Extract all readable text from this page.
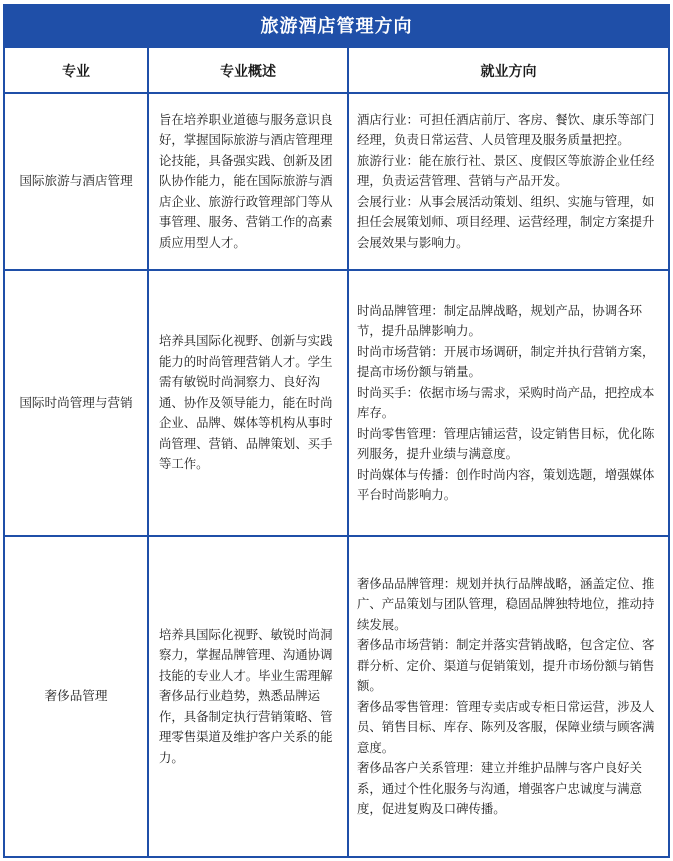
旅游酒店管理方向
专业	专业概述	就业方向
国际旅游与酒店管理
旨在培养职业道德与服务意识良好，掌握国际旅游与酒店管理理论技能，具备强实践、创新及团队协作能力，能在国际旅游与酒店企业、旅游行政管理部门等从事管理、服务、营销工作的高素质应用型人才。
酒店行业：可担任酒店前厅、客房、餐饮、康乐等部门经理，负责日常运营、人员管理及服务质量把控。
旅游行业：能在旅行社、景区、度假区等旅游企业任经理，负责运营管理、营销与产品开发。
会展行业：从事会展活动策划、组织、实施与管理，如担任会展策划师、项目经理、运营经理，制定方案提升会展效果与影响力。
国际时尚管理与营销
培养具国际化视野、创新与实践能力的时尚管理营销人才。学生需有敏锐时尚洞察力、良好沟通、协作及领导能力，能在时尚企业、品牌、媒体等机构从事时尚管理、营销、品牌策划、买手等工作。
时尚品牌管理：制定品牌战略，规划产品，协调各环节，提升品牌影响力。
时尚市场营销：开展市场调研，制定并执行营销方案，提高市场份额与销量。
时尚买手：依据市场与需求，采购时尚产品，把控成本库存。
时尚零售管理：管理店铺运营，设定销售目标，优化陈列服务，提升业绩与满意度。
时尚媒体与传播：创作时尚内容，策划选题，增强媒体平台时尚影响力。
奢侈品管理
培养具国际化视野、敏锐时尚洞察力，掌握品牌管理、沟通协调技能的专业人才。毕业生需理解奢侈品行业趋势，熟悉品牌运作，具备制定执行营销策略、管理零售渠道及维护客户关系的能力。
奢侈品品牌管理：规划并执行品牌战略，涵盖定位、推广、产品策划与团队管理，稳固品牌独特地位，推动持续发展。
奢侈品市场营销：制定并落实营销战略，包含定位、客群分析、定价、渠道与促销策划，提升市场份额与销售额。
奢侈品零售管理：管理专卖店或专柜日常运营，涉及人员、销售目标、库存、陈列及客服，保障业绩与顾客满意度。
奢侈品客户关系管理：建立并维护品牌与客户良好关系，通过个性化服务与沟通，增强客户忠诚度与满意度，促进复购及口碑传播。
